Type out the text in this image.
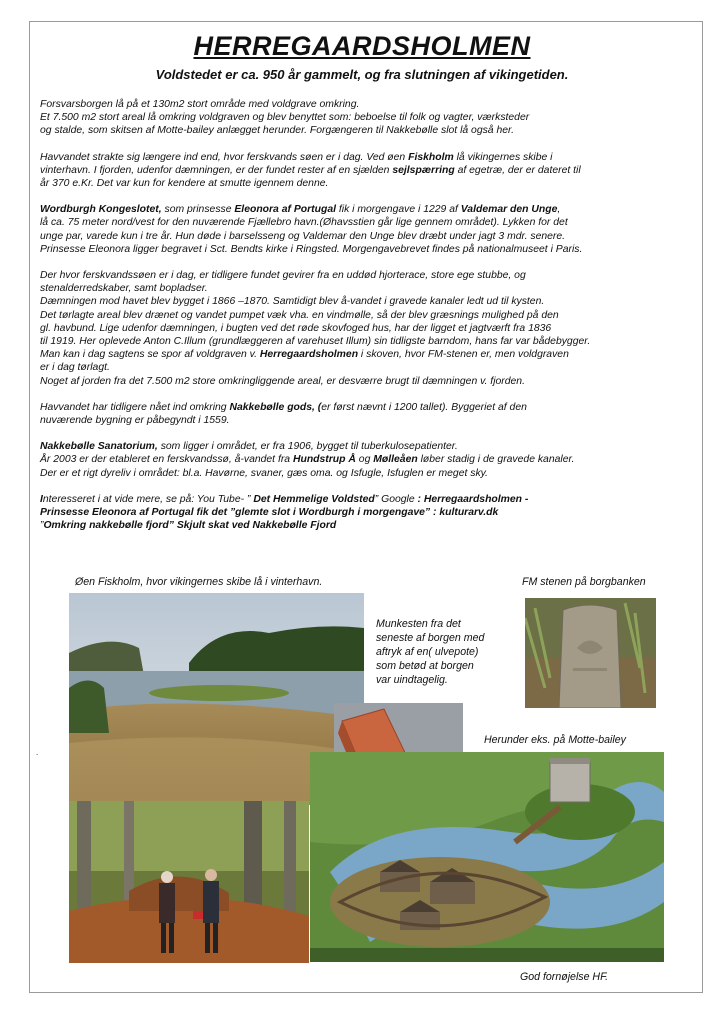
HERREGAARDSHOLMEN
Voldstedet er ca. 950 år gammelt, og fra slutningen af vikingetiden.

Forsvarsborgen lå på et 130m2 stort område med voldgrave omkring.
Et 7.500 m2 stort areal lå omkring voldgraven og blev benyttet som: beboelse til folk og vagter, værksteder
og stalde, som skitsen af Motte-bailey anlægget herunder. Forgængeren til Nakkebølle slot lå også her.

Havvandet strakte sig længere ind end, hvor ferskvands søen er i dag. Ved øen Fiskholm lå vikingernes skibe i
vinterhavn. I fjorden, udenfor dæmningen, er der fundet rester af en sjælden sejlspærring af egetræ, der er dateret til
år 370 e.Kr. Det var kun for kendere at smutte igennem denne.

Wordburgh Kongeslotet, som prinsesse Eleonora af Portugal fik i morgengave i 1229 af Valdemar den Unge,
lå ca. 75 meter nord/vest for den nuværende Fjællebro havn.(Øhavsstien går lige gennem området). Lykken for det
unge par, varede kun i tre år. Hun døde i barselsseng og Valdemar den Unge blev dræbt under jagt 3 mdr. senere.
Prinsesse Eleonora ligger begravet i Sct. Bendts kirke i Ringsted. Morgengavebrevet findes på nationalmuseet i Paris.

Der hvor ferskvandssøen er i dag, er tidligere fundet gevirer fra en uddød hjorterace, store ege stubbe, og
stenalderredskaber, samt bopladser.
Dæmningen mod havet blev bygget i 1866 –1870. Samtidigt blev å-vandet i gravede kanaler ledt ud til kysten.
Det tørlagte areal blev drænet og vandet pumpet væk vha. en vindmølle, så der blev græsnings mulighed på den
gl. havbund. Lige udenfor dæmningen, i bugten ved det røde skovfoged hus, har der ligget et jagtværft fra 1836
til 1919. Her oplevede Anton C.Illum (grundlæggeren af varehuset Illum) sin tidligste barndom, hans far var bådebygger.
Man kan i dag sagtens se spor af voldgraven v. Herregaardsholmen i skoven, hvor FM-stenen er, men voldgraven
er i dag tørlagt.
Noget af jorden fra det 7.500 m2 store omkringliggende areal, er desværre brugt til dæmningen v. fjorden.

Havvandet har tidligere nået ind omkring Nakkebølle gods, (er først nævnt i 1200 tallet). Byggeriet af den
nuværende bygning er påbegyndt i 1559.

Nakkebølle Sanatorium, som ligger i området, er fra 1906, bygget til tuberkulosepatienter.
År 2003 er der etableret en ferskvandssø, å-vandet fra Hundstrup Å og Mølleåen løber stadig i de gravede kanaler.
Der er et rigt dyreliv i området: bl.a. Havørne, svaner, gæs oma. og Isfugle, Isfuglen er meget sky.

Interesseret i at vide mere, se på: You Tube- ” Det Hemmelige Voldsted” Google : Herregaardsholmen -
Prinsesse Eleonora af Portugal fik det ”glemte slot i Wordburgh i morgengave” : kulturarv.dk
”Omkring nakkebølle fjord” Skjult skat ved Nakkebølle Fjord

Øen Fiskholm, hvor vikingernes skibe lå i vinterhavn.	FM stenen på borgbanken
Munkesten fra det
seneste af borgen med
aftryk af en( ulvepote)
som betød at borgen
var uindtagelig.
Herunder eks. på Motte-bailey
God fornøjelse HF.
.
